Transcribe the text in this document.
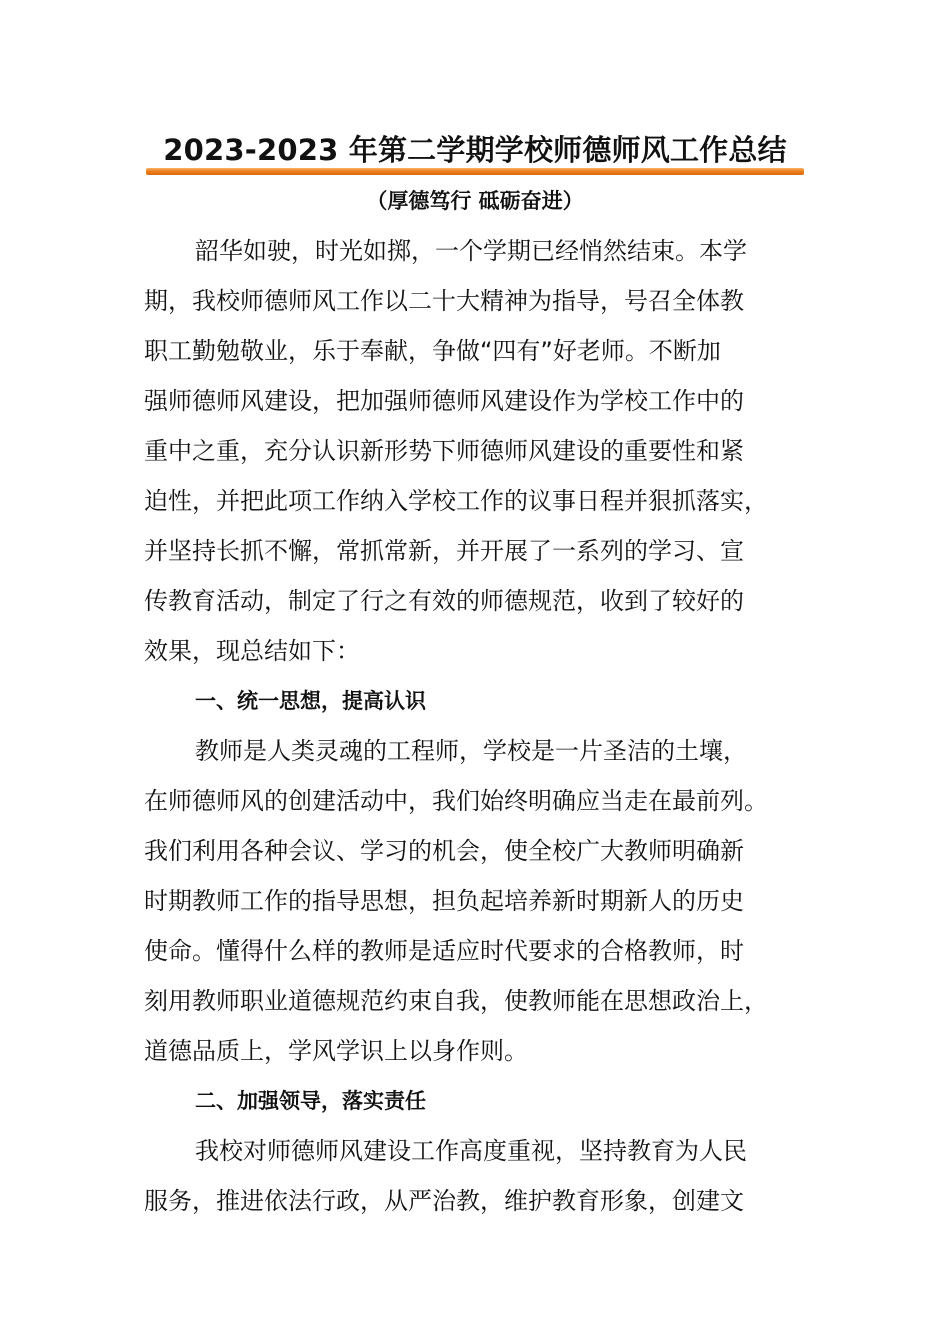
2023-2023 年第二学期学校师德师风工作总结
（厚德笃行 砥砺奋进）
韶华如驶，时光如掷，一个学期已经悄然结束。本学
期，我校师德师风工作以二十大精神为指导，号召全体教
职工勤勉敬业，乐于奉献，争做“四有”好老师。不断加
强师德师风建设，把加强师德师风建设作为学校工作中的
重中之重，充分认识新形势下师德师风建设的重要性和紧
迫性，并把此项工作纳入学校工作的议事日程并狠抓落实，
并坚持长抓不懈，常抓常新，并开展了一系列的学习、宣
传教育活动，制定了行之有效的师德规范，收到了较好的
效果，现总结如下：
一、统一思想，提高认识
教师是人类灵魂的工程师，学校是一片圣洁的土壤，
在师德师风的创建活动中，我们始终明确应当走在最前列。
我们利用各种会议、学习的机会，使全校广大教师明确新
时期教师工作的指导思想，担负起培养新时期新人的历史
使命。懂得什么样的教师是适应时代要求的合格教师，时
刻用教师职业道德规范约束自我，使教师能在思想政治上，
道德品质上，学风学识上以身作则。
二、加强领导，落实责任
我校对师德师风建设工作高度重视，坚持教育为人民
服务，推进依法行政，从严治教，维护教育形象，创建文
